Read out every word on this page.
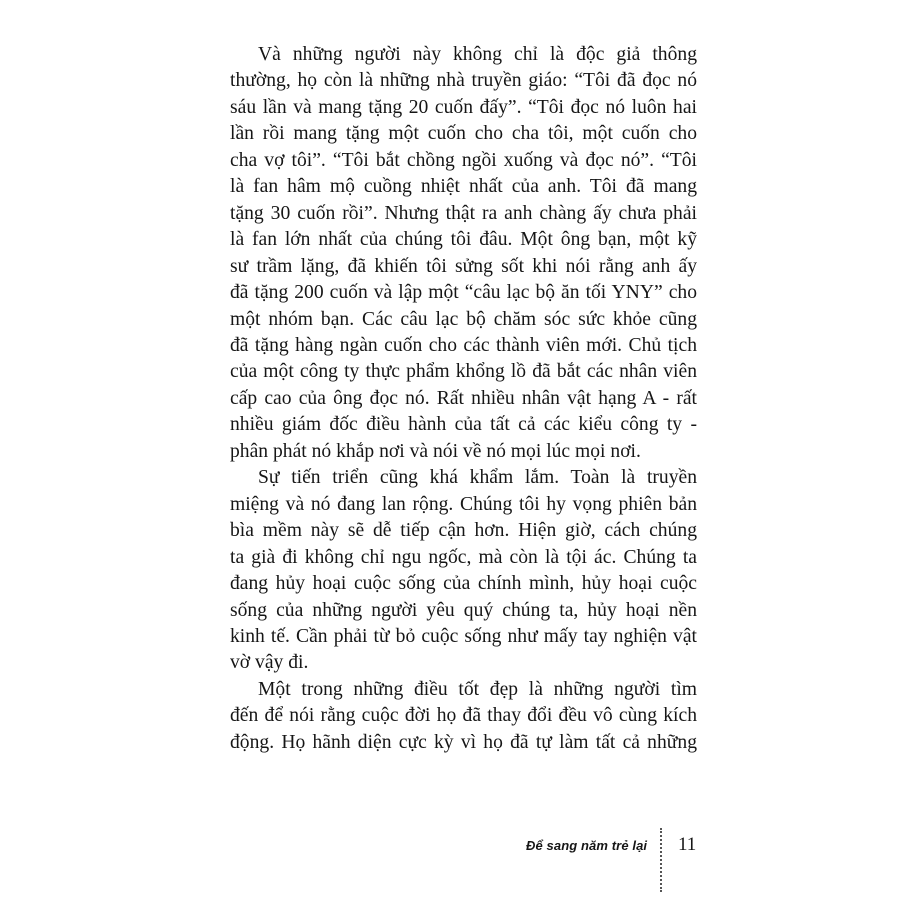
Và những người này không chỉ là độc giả thông
thường, họ còn là những nhà truyền giáo: “Tôi đã đọc nó
sáu lần và mang tặng 20 cuốn đấy”. “Tôi đọc nó luôn hai
lần rồi mang tặng một cuốn cho cha tôi, một cuốn cho
cha vợ tôi”. “Tôi bắt chồng ngồi xuống và đọc nó”. “Tôi
là fan hâm mộ cuồng nhiệt nhất của anh. Tôi đã mang
tặng 30 cuốn rồi”. Nhưng thật ra anh chàng ấy chưa phải
là fan lớn nhất của chúng tôi đâu. Một ông bạn, một kỹ
sư trầm lặng, đã khiến tôi sửng sốt khi nói rằng anh ấy
đã tặng 200 cuốn và lập một “câu lạc bộ ăn tối YNY” cho
một nhóm bạn. Các câu lạc bộ chăm sóc sức khỏe cũng
đã tặng hàng ngàn cuốn cho các thành viên mới. Chủ tịch
của một công ty thực phẩm khổng lồ đã bắt các nhân viên
cấp cao của ông đọc nó. Rất nhiều nhân vật hạng A - rất
nhiều giám đốc điều hành của tất cả các kiểu công ty -
phân phát nó khắp nơi và nói về nó mọi lúc mọi nơi.
Sự tiến triển cũng khá khẩm lắm. Toàn là truyền
miệng và nó đang lan rộng. Chúng tôi hy vọng phiên bản
bìa mềm này sẽ dễ tiếp cận hơn. Hiện giờ, cách chúng
ta già đi không chỉ ngu ngốc, mà còn là tội ác. Chúng ta
đang hủy hoại cuộc sống của chính mình, hủy hoại cuộc
sống của những người yêu quý chúng ta, hủy hoại nền
kinh tế. Cần phải từ bỏ cuộc sống như mấy tay nghiện vật
vờ vậy đi.
Một trong những điều tốt đẹp là những người tìm
đến để nói rằng cuộc đời họ đã thay đổi đều vô cùng kích
động. Họ hãnh diện cực kỳ vì họ đã tự làm tất cả những
Để sang năm trẻ lại 11
